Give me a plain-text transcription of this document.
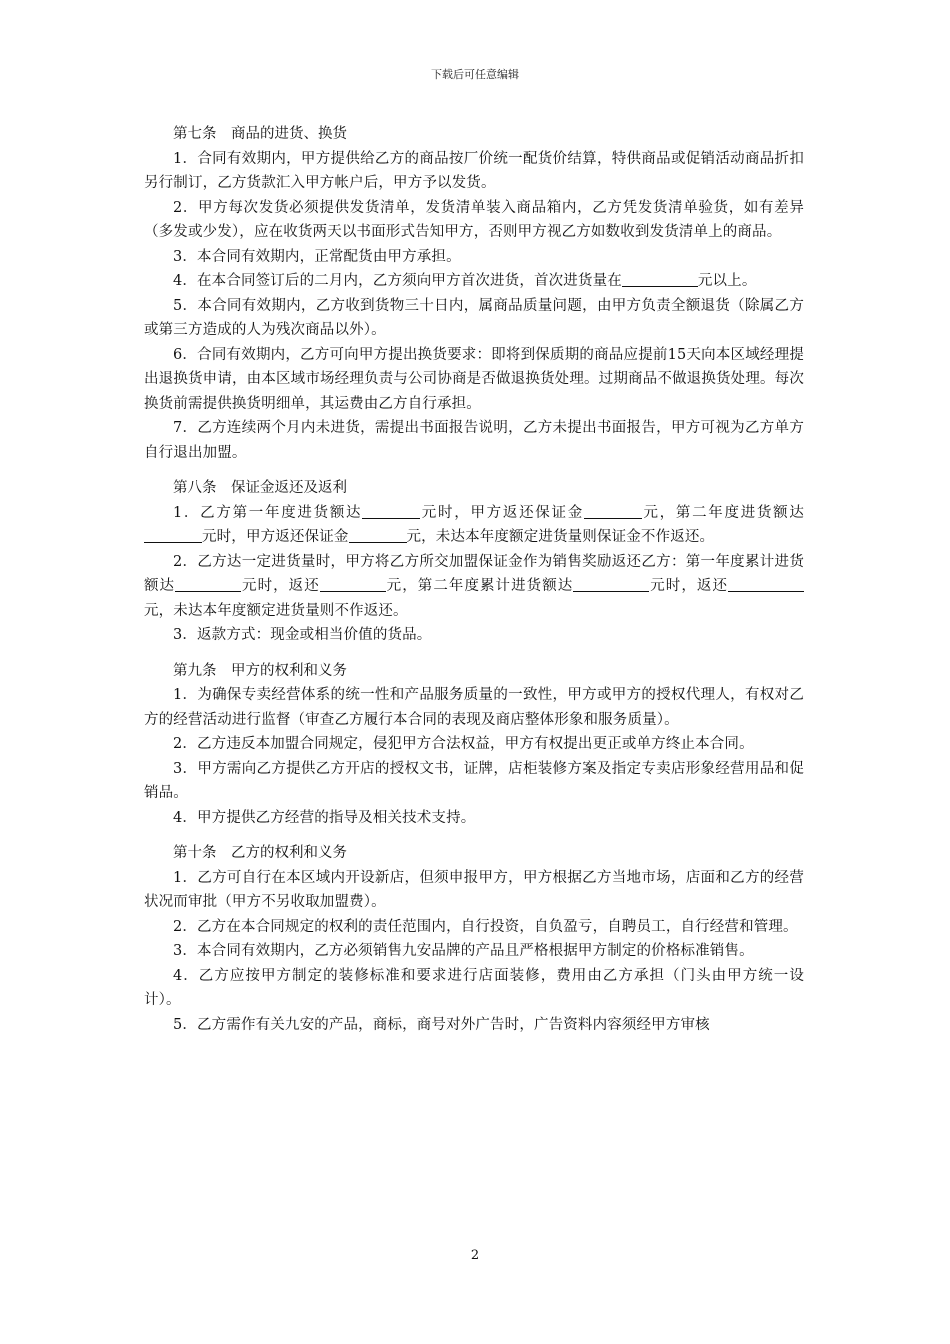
下载后可任意编辑

第七条　商品的进货、换货

1．合同有效期内，甲方提供给乙方的商品按厂价统一配货价结算，特供商品或促销活动商品折扣另行制订，乙方货款汇入甲方帐户后，甲方予以发货。

2．甲方每次发货必须提供发货清单，发货清单装入商品箱内，乙方凭发货清单验货，如有差异（多发或少发），应在收货两天以书面形式告知甲方，否则甲方视乙方如数收到发货清单上的商品。

3．本合同有效期内，正常配货由甲方承担。

4．在本合同签订后的二月内，乙方须向甲方首次进货，首次进货量在	元以上。

5．本合同有效期内，乙方收到货物三十日内，属商品质量问题，由甲方负责全额退货（除属乙方或第三方造成的人为残次商品以外）。

6．合同有效期内，乙方可向甲方提出换货要求：即将到保质期的商品应提前15天向本区域经理提出退换货申请，由本区域市场经理负责与公司协商是否做退换货处理。过期商品不做退换货处理。每次换货前需提供换货明细单，其运费由乙方自行承担。

7．乙方连续两个月内未进货，需提出书面报告说明，乙方未提出书面报告，甲方可视为乙方单方自行退出加盟。

第八条　保证金返还及返利

1．乙方第一年度进货额达	元时，甲方返还保证金	元，第二年度进货额达元时，甲方返还保证金	元，未达本年度额定进货量则保证金不作返还。

2．乙方达一定进货量时，甲方将乙方所交加盟保证金作为销售奖励返还乙方：第一年度累计进货额达	元时，返还	元，第二年度累计进货额达	元时，返还元，未达本年度额定进货量则不作返还。

3．返款方式：现金或相当价值的货品。

第九条　甲方的权利和义务

1．为确保专卖经营体系的统一性和产品服务质量的一致性，甲方或甲方的授权代理人，有权对乙方的经营活动进行监督（审查乙方履行本合同的表现及商店整体形象和服务质量）。

2．乙方违反本加盟合同规定，侵犯甲方合法权益，甲方有权提出更正或单方终止本合同。

3．甲方需向乙方提供乙方开店的授权文书，证牌，店柜装修方案及指定专卖店形象经营用品和促销品。

4．甲方提供乙方经营的指导及相关技术支持。

第十条　乙方的权利和义务

1．乙方可自行在本区域内开设新店，但须申报甲方，甲方根据乙方当地市场，店面和乙方的经营状况而审批（甲方不另收取加盟费）。

2．乙方在本合同规定的权利的责任范围内，自行投资，自负盈亏，自聘员工，自行经营和管理。

3．本合同有效期内，乙方必须销售九安品牌的产品且严格根据甲方制定的价格标准销售。

4．乙方应按甲方制定的装修标准和要求进行店面装修，费用由乙方承担（门头由甲方统一设计）。

5．乙方需作有关九安的产品，商标，商号对外广告时，广告资料内容须经甲方审核

2
